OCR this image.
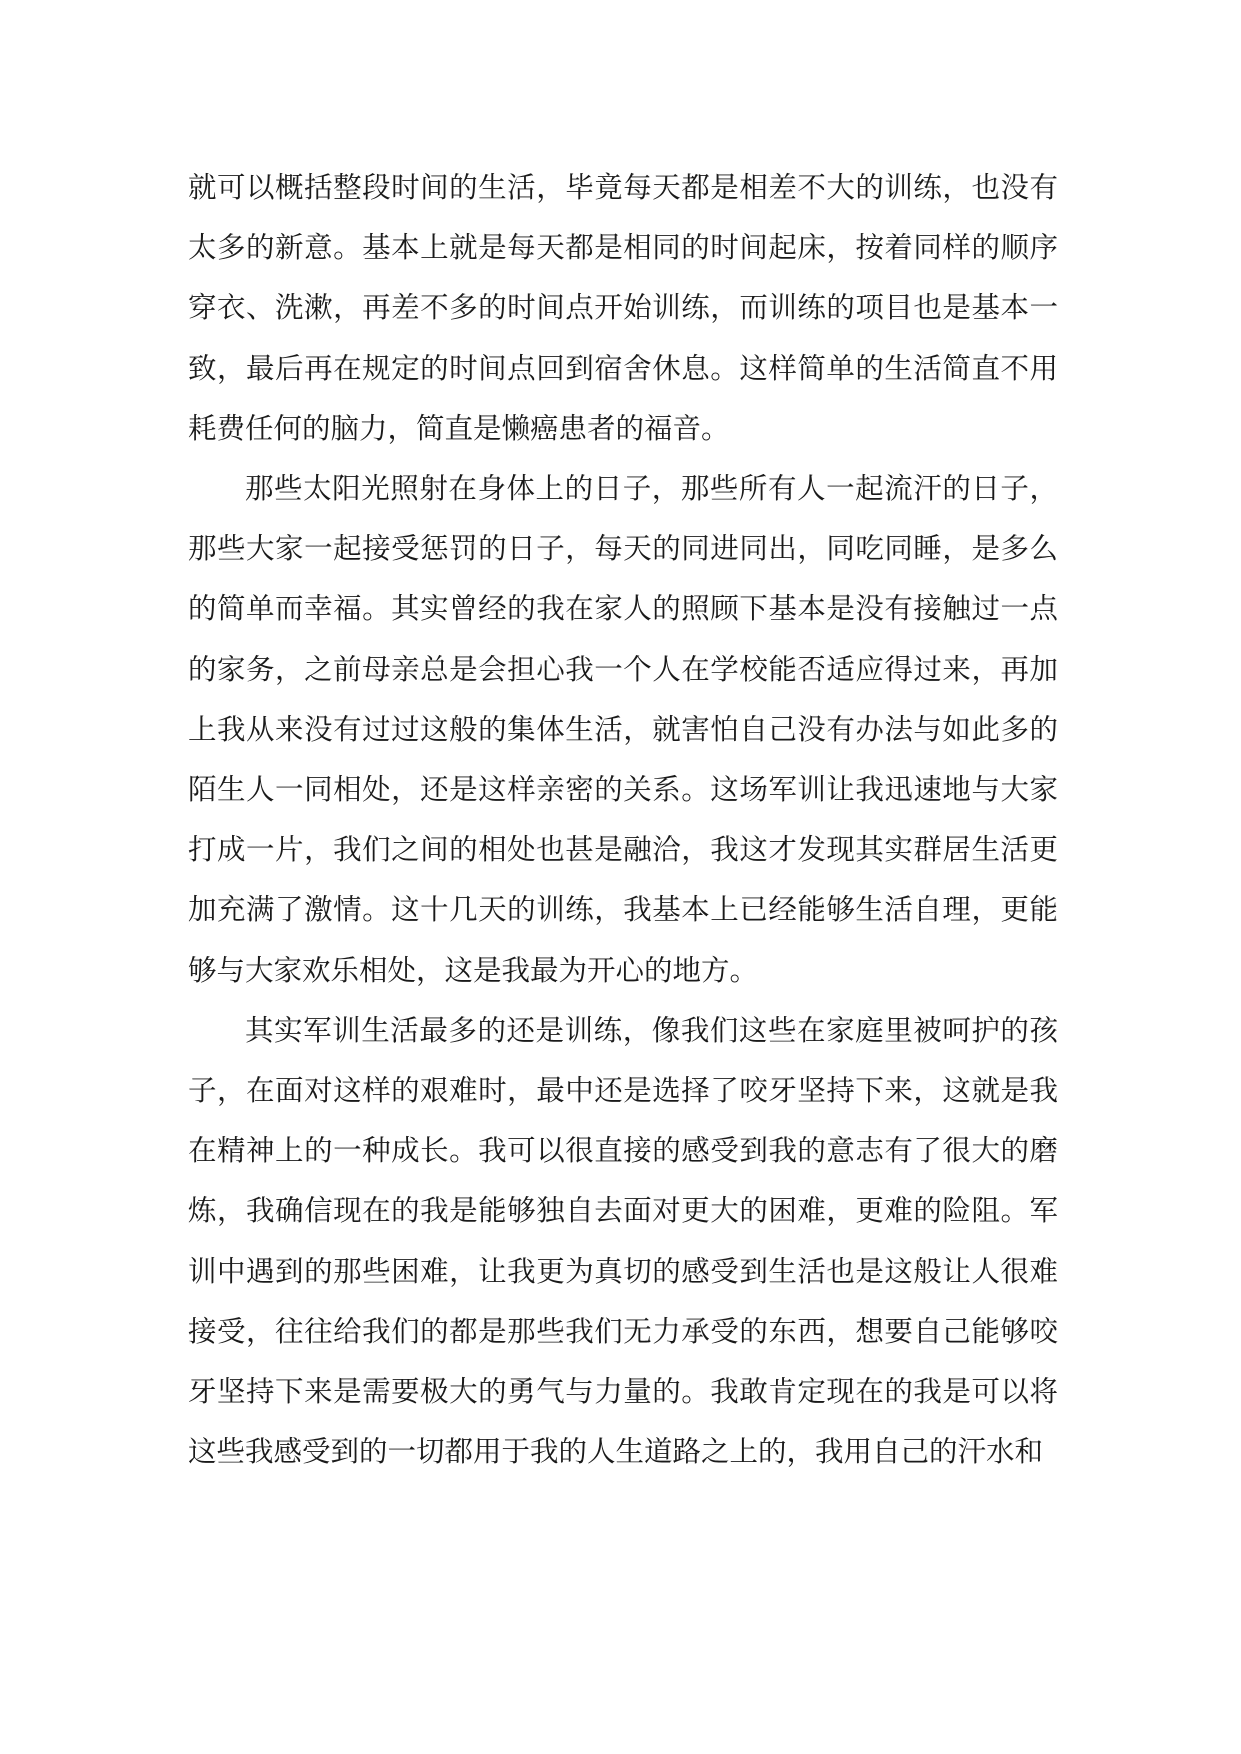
就可以概括整段时间的生活，毕竟每天都是相差不大的训练，也没有太多的新意。基本上就是每天都是相同的时间起床，按着同样的顺序穿衣、洗漱，再差不多的时间点开始训练，而训练的项目也是基本一致，最后再在规定的时间点回到宿舍休息。这样简单的生活简直不用耗费任何的脑力，简直是懒癌患者的福音。

那些太阳光照射在身体上的日子，那些所有人一起流汗的日子，那些大家一起接受惩罚的日子，每天的同进同出，同吃同睡，是多么的简单而幸福。其实曾经的我在家人的照顾下基本是没有接触过一点的家务，之前母亲总是会担心我一个人在学校能否适应得过来，再加上我从来没有过过这般的集体生活，就害怕自己没有办法与如此多的陌生人一同相处，还是这样亲密的关系。这场军训让我迅速地与大家打成一片，我们之间的相处也甚是融洽，我这才发现其实群居生活更加充满了激情。这十几天的训练，我基本上已经能够生活自理，更能够与大家欢乐相处，这是我最为开心的地方。

其实军训生活最多的还是训练，像我们这些在家庭里被呵护的孩子，在面对这样的艰难时，最中还是选择了咬牙坚持下来，这就是我在精神上的一种成长。我可以很直接的感受到我的意志有了很大的磨炼，我确信现在的我是能够独自去面对更大的困难，更难的险阻。军训中遇到的那些困难，让我更为真切的感受到生活也是这般让人很难接受，往往给我们的都是那些我们无力承受的东西，想要自己能够咬牙坚持下来是需要极大的勇气与力量的。我敢肯定现在的我是可以将这些我感受到的一切都用于我的人生道路之上的，我用自己的汗水和
